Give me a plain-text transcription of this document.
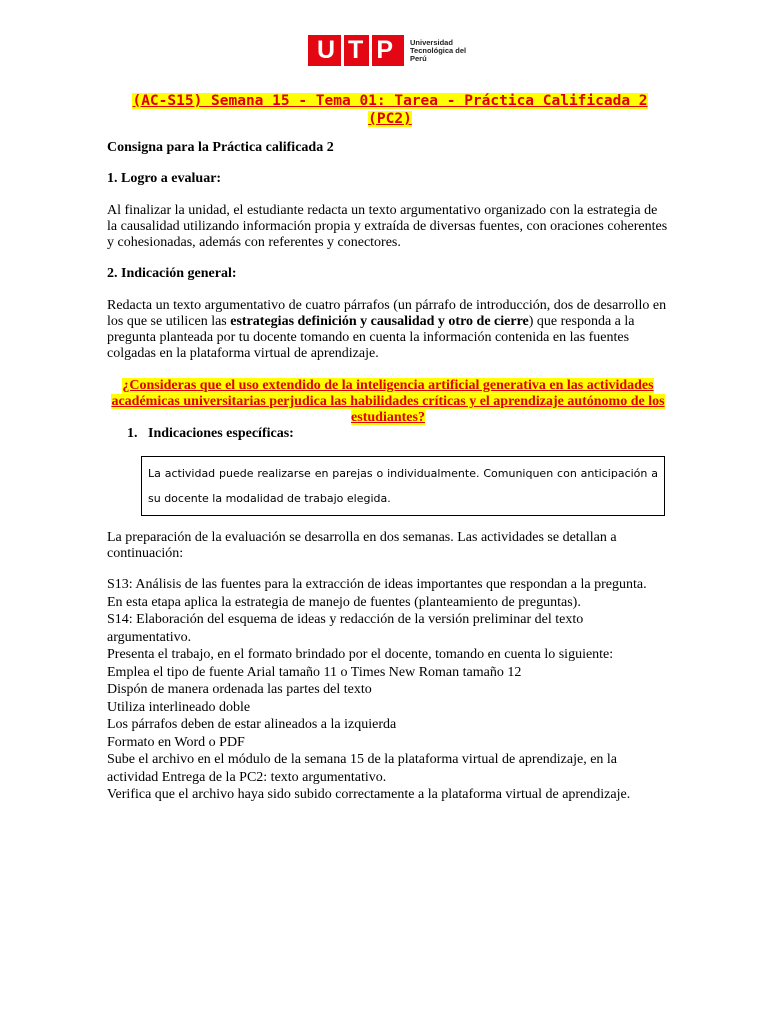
U T P	Universidad Tecnológica del Perú
(AC-S15) Semana 15 - Tema 01: Tarea - Práctica Calificada 2 (PC2)

Consigna para la Práctica calificada 2

1. Logro a evaluar:

Al finalizar la unidad, el estudiante redacta un texto argumentativo organizado con la estrategia de la causalidad utilizando información propia y extraída de diversas fuentes, con oraciones coherentes y cohesionadas, además con referentes y conectores.

2. Indicación general:

Redacta un texto argumentativo de cuatro párrafos (un párrafo de introducción, dos de desarrollo en los que se utilicen las estrategias definición y causalidad y otro de cierre) que responda a la pregunta planteada por tu docente tomando en cuenta la información contenida en las fuentes colgadas en la plataforma virtual de aprendizaje.

¿Consideras que el uso extendido de la inteligencia artificial generativa en las actividades académicas universitarias perjudica las habilidades críticas y el aprendizaje autónomo de los estudiantes?

1. Indicaciones específicas:

La actividad puede realizarse en parejas o individualmente. Comuniquen con anticipación a su docente la modalidad de trabajo elegida.

La preparación de la evaluación se desarrolla en dos semanas. Las actividades se detallan a continuación:

S13: Análisis de las fuentes para la extracción de ideas importantes que respondan a la pregunta.

En esta etapa aplica la estrategia de manejo de fuentes (planteamiento de preguntas).

S14: Elaboración del esquema de ideas y redacción de la versión preliminar del texto argumentativo.

Presenta el trabajo, en el formato brindado por el docente, tomando en cuenta lo siguiente:

Emplea el tipo de fuente Arial tamaño 11 o Times New Roman tamaño 12

Dispón de manera ordenada las partes del texto

Utiliza interlineado doble

Los párrafos deben de estar alineados a la izquierda

Formato en Word o PDF

Sube el archivo en el módulo de la semana 15 de la plataforma virtual de aprendizaje, en la actividad Entrega de la PC2: texto argumentativo.

Verifica que el archivo haya sido subido correctamente a la plataforma virtual de aprendizaje.
